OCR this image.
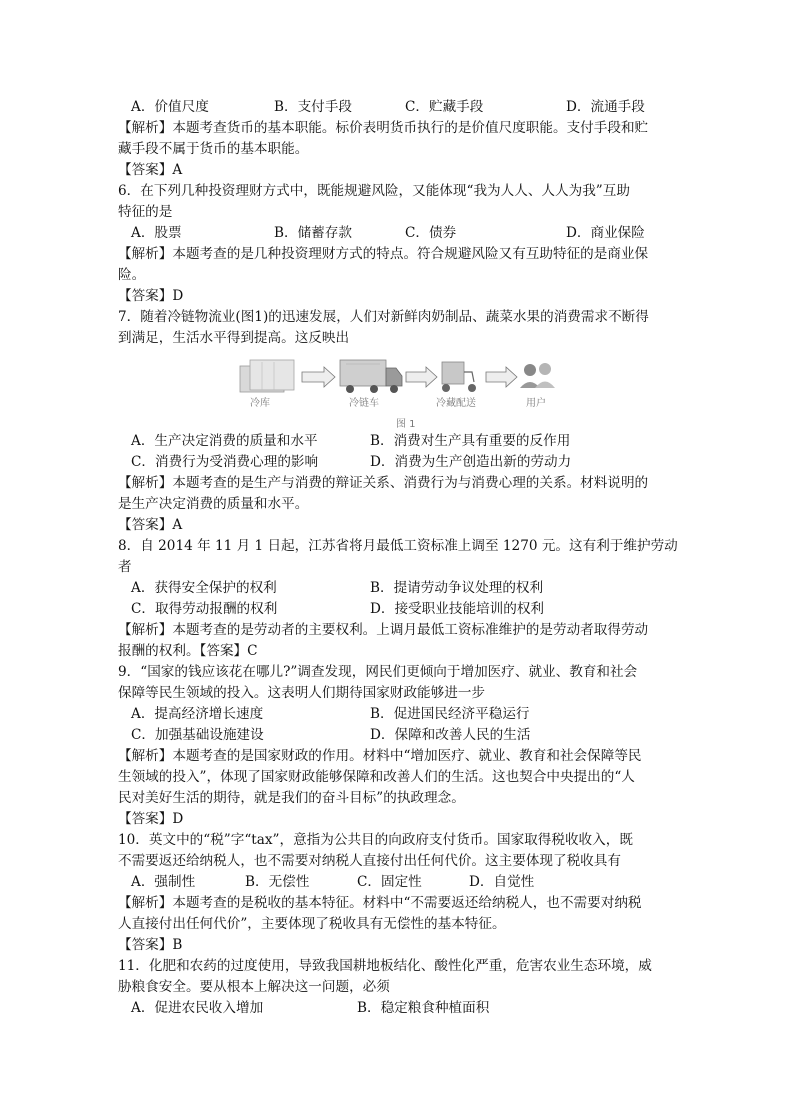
A．价值尺度	B．支付手段	C．贮藏手段	D．流通手段
【解析】本题考查货币的基本职能。标价表明货币执行的是价值尺度职能。支付手段和贮
藏手段不属于货币的基本职能。
【答案】A
6．在下列几种投资理财方式中，既能规避风险，又能体现“我为人人、人人为我”互助
特征的是
A．股票	B．储蓄存款	C．债券	D．商业保险
【解析】本题考查的是几种投资理财方式的特点。符合规避风险又有互助特征的是商业保
险。
【答案】D
7．随着冷链物流业(图1)的迅速发展，人们对新鲜肉奶制品、蔬菜水果的消费需求不断得
到满足，生活水平得到提高。这反映出
冷库	冷链车	冷藏配送	用户
图 1
A．生产决定消费的质量和水平	B．消费对生产具有重要的反作用
C．消费行为受消费心理的影响	D．消费为生产创造出新的劳动力
【解析】本题考查的是生产与消费的辩证关系、消费行为与消费心理的关系。材料说明的
是生产决定消费的质量和水平。
【答案】A
8．自 2014 年 11 月 1 日起，江苏省将月最低工资标准上调至 1270 元。这有利于维护劳动
者
A．获得安全保护的权利	B．提请劳动争议处理的权利
C．取得劳动报酬的权利	D．接受职业技能培训的权利
【解析】本题考查的是劳动者的主要权利。上调月最低工资标准维护的是劳动者取得劳动
报酬的权利。【答案】C
9．“国家的钱应该花在哪儿?”调查发现，网民们更倾向于增加医疗、就业、教育和社会
保障等民生领域的投入。这表明人们期待国家财政能够进一步
A．提高经济增长速度	B．促进国民经济平稳运行
C．加强基础设施建设	D．保障和改善人民的生活
【解析】本题考查的是国家财政的作用。材料中“增加医疗、就业、教育和社会保障等民
生领域的投入”，体现了国家财政能够保障和改善人们的生活。这也契合中央提出的“人
民对美好生活的期待，就是我们的奋斗目标”的执政理念。
【答案】D
10．英文中的“税”字“tax”，意指为公共目的向政府支付货币。国家取得税收收入，既
不需要返还给纳税人，也不需要对纳税人直接付出任何代价。这主要体现了税收具有
A．强制性	B．无偿性	C．固定性	D．自觉性
【解析】本题考查的是税收的基本特征。材料中“不需要返还给纳税人，也不需要对纳税
人直接付出任何代价”，主要体现了税收具有无偿性的基本特征。
【答案】B
11．化肥和农药的过度使用，导致我国耕地板结化、酸性化严重，危害农业生态环境，威
胁粮食安全。要从根本上解决这一问题，必须
A．促进农民收入增加	B．稳定粮食种植面积
